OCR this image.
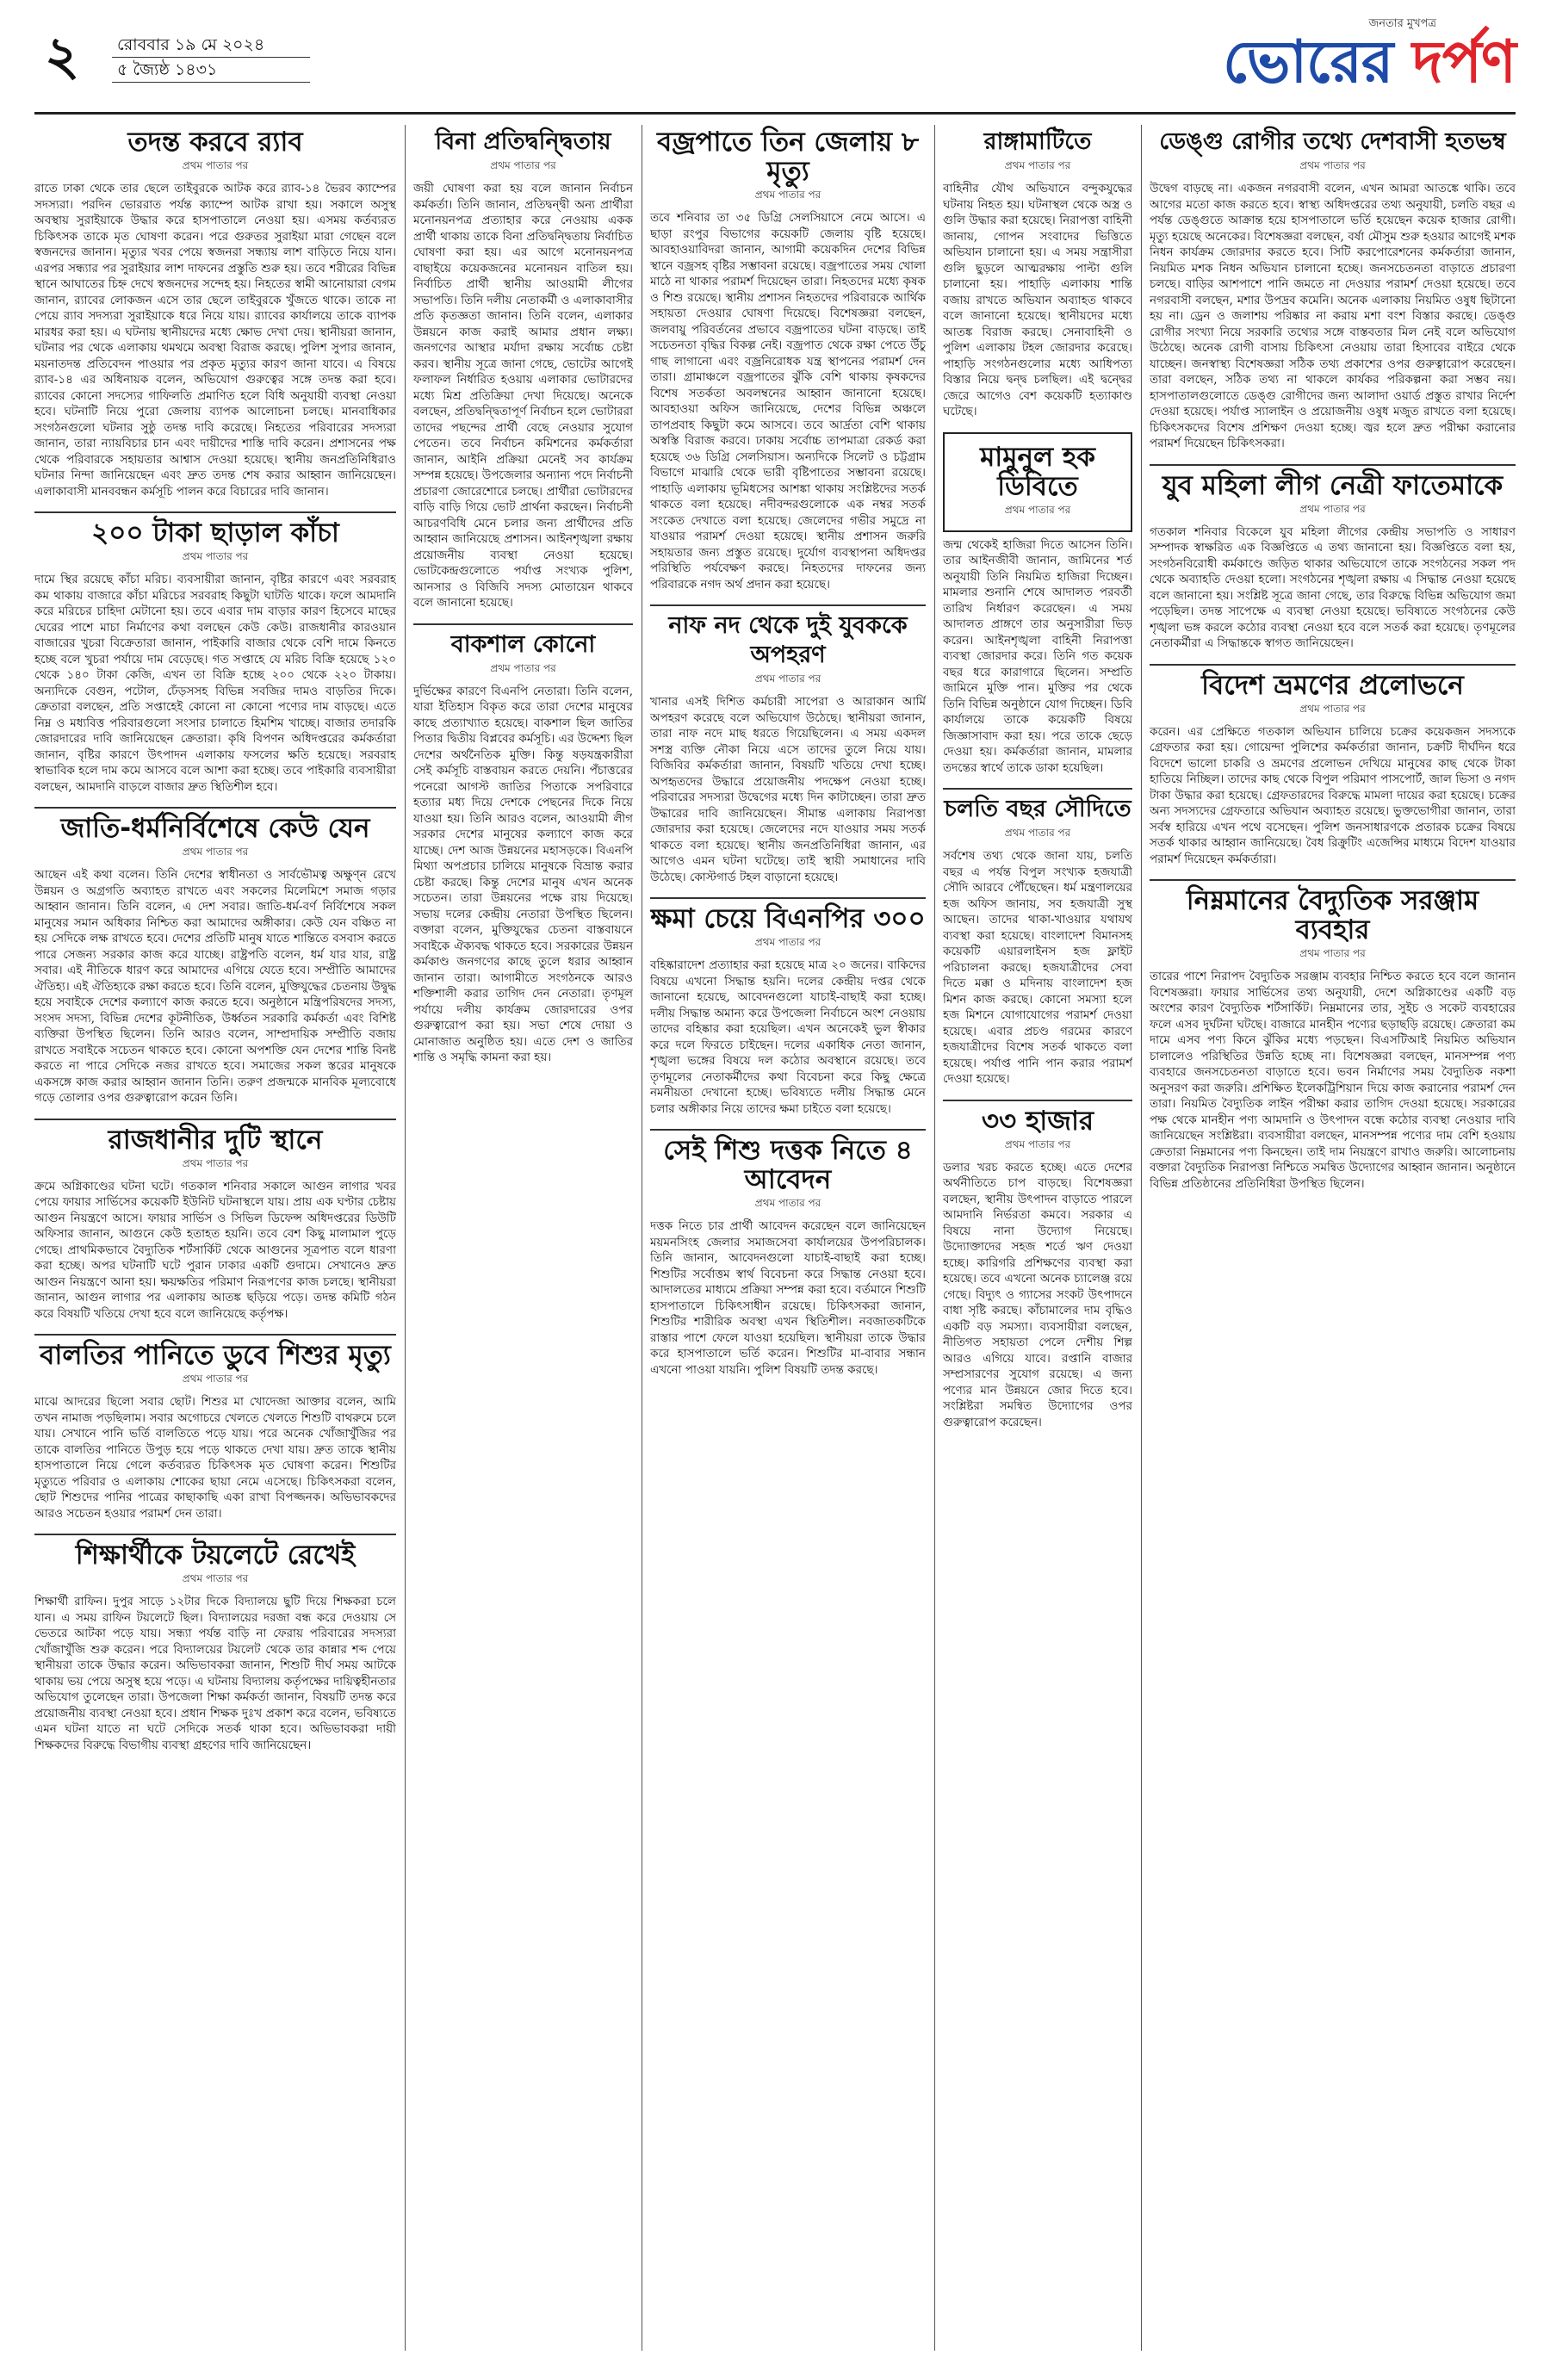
২	রোববার ১৯ মে ২০২৪
৫ জ্যৈষ্ঠ ১৪৩১
জনতার মুখপত্র
ভোরের দর্পণ
তদন্ত করবে র‍্যাব
প্রথম পাতার পর
রাতে ঢাকা থেকে তার ছেলে তাইবুরকে আটক করে র‍্যাব-১৪ ভৈরব ক্যাম্পের সদস্যরা। পরদিন ভোররাত পর্যন্ত ক্যাম্পে আটক রাখা হয়। সকালে অসুস্থ অবস্থায় সুরাইয়াকে উদ্ধার করে হাসপাতালে নেওয়া হয়। এসময় কর্তব্যরত চিকিৎসক তাকে মৃত ঘোষণা করেন। পরে গুরুতর সুরাইয়া মারা গেছেন বলে স্বজনদের জানান। মৃত্যুর খবর পেয়ে স্বজনরা সন্ধ্যায় লাশ বাড়িতে নিয়ে যান। এরপর সন্ধ্যার পর সুরাইয়ার লাশ দাফনের প্রস্তুতি শুরু হয়। তবে শরীরের বিভিন্ন স্থানে আঘাতের চিহ্ন দেখে স্বজনদের সন্দেহ হয়। নিহতের স্বামী আনোয়ারা বেগম জানান, র‍্যাবের লোকজন এসে তার ছেলে তাইবুরকে খুঁজতে থাকে। তাকে না পেয়ে র‍্যাব সদস্যরা সুরাইয়াকে ধরে নিয়ে যায়। র‍্যাবের কার্যালয়ে তাকে ব্যাপক মারধর করা হয়। এ ঘটনায় স্থানীয়দের মধ্যে ক্ষোভ দেখা দেয়। স্থানীয়রা জানান, ঘটনার পর থেকে এলাকায় থমথমে অবস্থা বিরাজ করছে। পুলিশ সুপার জানান, ময়নাতদন্ত প্রতিবেদন পাওয়ার পর প্রকৃত মৃত্যুর কারণ জানা যাবে। এ বিষয়ে র‍্যাব-১৪ এর অধিনায়ক বলেন, অভিযোগ গুরুত্বের সঙ্গে তদন্ত করা হবে। র‍্যাবের কোনো সদস্যের গাফিলতি প্রমাণিত হলে বিধি অনুযায়ী ব্যবস্থা নেওয়া হবে। ঘটনাটি নিয়ে পুরো জেলায় ব্যাপক আলোচনা চলছে। মানবাধিকার সংগঠনগুলো ঘটনার সুষ্ঠু তদন্ত দাবি করেছে। নিহতের পরিবারের সদস্যরা জানান, তারা ন্যায়বিচার চান এবং দায়ীদের শাস্তি দাবি করেন। প্রশাসনের পক্ষ থেকে পরিবারকে সহায়তার আশ্বাস দেওয়া হয়েছে। স্থানীয় জনপ্রতিনিধিরাও ঘটনার নিন্দা জানিয়েছেন এবং দ্রুত তদন্ত শেষ করার আহ্বান জানিয়েছেন। এলাকাবাসী মানববন্ধন কর্মসূচি পালন করে বিচারের দাবি জানান।
২০০ টাকা ছাড়াল কাঁচা
প্রথম পাতার পর
দামে স্থির রয়েছে কাঁচা মরিচ। ব্যবসায়ীরা জানান, বৃষ্টির কারণে এবং সরবরাহ কম থাকায় বাজারে কাঁচা মরিচের সরবরাহ কিছুটা ঘাটতি থাকে। ফলে আমদানি করে মরিচের চাহিদা মেটানো হয়। তবে এবার দাম বাড়ার কারণ হিসেবে মাছের ঘেরের পাশে মাচা নির্মাণের কথা বলছেন কেউ কেউ। রাজধানীর কারওয়ান বাজারের খুচরা বিক্রেতারা জানান, পাইকারি বাজার থেকে বেশি দামে কিনতে হচ্ছে বলে খুচরা পর্যায়ে দাম বেড়েছে। গত সপ্তাহে যে মরিচ বিক্রি হয়েছে ১২০ থেকে ১৪০ টাকা কেজি, এখন তা বিক্রি হচ্ছে ২০০ থেকে ২২০ টাকায়। অন্যদিকে বেগুন, পটোল, ঢেঁড়সসহ বিভিন্ন সবজির দামও বাড়তির দিকে। ক্রেতারা বলছেন, প্রতি সপ্তাহেই কোনো না কোনো পণ্যের দাম বাড়ছে। এতে নিম্ন ও মধ্যবিত্ত পরিবারগুলো সংসার চালাতে হিমশিম খাচ্ছে। বাজার তদারকি জোরদারের দাবি জানিয়েছেন ক্রেতারা। কৃষি বিপণন অধিদপ্তরের কর্মকর্তারা জানান, বৃষ্টির কারণে উৎপাদন এলাকায় ফসলের ক্ষতি হয়েছে। সরবরাহ স্বাভাবিক হলে দাম কমে আসবে বলে আশা করা হচ্ছে। তবে পাইকারি ব্যবসায়ীরা বলছেন, আমদানি বাড়লে বাজার দ্রুত স্থিতিশীল হবে।
জাতি-ধর্মনির্বিশেষে কেউ যেন
প্রথম পাতার পর
আছেন এই কথা বলেন। তিনি দেশের স্বাধীনতা ও সার্বভৌমত্ব অক্ষুণ্ন রেখে উন্নয়ন ও অগ্রগতি অব্যাহত রাখতে এবং সকলের মিলেমিশে সমাজ গড়ার আহ্বান জানান। তিনি বলেন, এ দেশ সবার। জাতি-ধর্ম-বর্ণ নির্বিশেষে সকল মানুষের সমান অধিকার নিশ্চিত করা আমাদের অঙ্গীকার। কেউ যেন বঞ্চিত না হয় সেদিকে লক্ষ রাখতে হবে। দেশের প্রতিটি মানুষ যাতে শান্তিতে বসবাস করতে পারে সেজন্য সরকার কাজ করে যাচ্ছে। রাষ্ট্রপতি বলেন, ধর্ম যার যার, রাষ্ট্র সবার। এই নীতিকে ধারণ করে আমাদের এগিয়ে যেতে হবে। সম্প্রীতি আমাদের ঐতিহ্য। এই ঐতিহ্যকে রক্ষা করতে হবে। তিনি বলেন, মুক্তিযুদ্ধের চেতনায় উদ্বুদ্ধ হয়ে সবাইকে দেশের কল্যাণে কাজ করতে হবে। অনুষ্ঠানে মন্ত্রিপরিষদের সদস্য, সংসদ সদস্য, বিভিন্ন দেশের কূটনীতিক, উর্ধ্বতন সরকারি কর্মকর্তা এবং বিশিষ্ট ব্যক্তিরা উপস্থিত ছিলেন। তিনি আরও বলেন, সাম্প্রদায়িক সম্প্রীতি বজায় রাখতে সবাইকে সচেতন থাকতে হবে। কোনো অপশক্তি যেন দেশের শান্তি বিনষ্ট করতে না পারে সেদিকে নজর রাখতে হবে। সমাজের সকল স্তরের মানুষকে একসঙ্গে কাজ করার আহ্বান জানান তিনি। তরুণ প্রজন্মকে মানবিক মূল্যবোধে গড়ে তোলার ওপর গুরুত্বারোপ করেন তিনি।
রাজধানীর দুটি স্থানে
প্রথম পাতার পর
ক্রমে অগ্নিকাণ্ডের ঘটনা ঘটে। গতকাল শনিবার সকালে আগুন লাগার খবর পেয়ে ফায়ার সার্ভিসের কয়েকটি ইউনিট ঘটনাস্থলে যায়। প্রায় এক ঘণ্টার চেষ্টায় আগুন নিয়ন্ত্রণে আসে। ফায়ার সার্ভিস ও সিভিল ডিফেন্স অধিদপ্তরের ডিউটি অফিসার জানান, আগুনে কেউ হতাহত হয়নি। তবে বেশ কিছু মালামাল পুড়ে গেছে। প্রাথমিকভাবে বৈদ্যুতিক শর্টসার্কিট থেকে আগুনের সূত্রপাত বলে ধারণা করা হচ্ছে। অপর ঘটনাটি ঘটে পুরান ঢাকার একটি গুদামে। সেখানেও দ্রুত আগুন নিয়ন্ত্রণে আনা হয়। ক্ষয়ক্ষতির পরিমাণ নিরূপণের কাজ চলছে। স্থানীয়রা জানান, আগুন লাগার পর এলাকায় আতঙ্ক ছড়িয়ে পড়ে। তদন্ত কমিটি গঠন করে বিষয়টি খতিয়ে দেখা হবে বলে জানিয়েছে কর্তৃপক্ষ।
বালতির পানিতে ডুবে শিশুর মৃত্যু
প্রথম পাতার পর
মাঝে আদরের ছিলো সবার ছোট। শিশুর মা খোদেজা আক্তার বলেন, আমি তখন নামাজ পড়ছিলাম। সবার অগোচরে খেলতে খেলতে শিশুটি বাথরুমে চলে যায়। সেখানে পানি ভর্তি বালতিতে পড়ে যায়। পরে অনেক খোঁজাখুঁজির পর তাকে বালতির পানিতে উপুড় হয়ে পড়ে থাকতে দেখা যায়। দ্রুত তাকে স্থানীয় হাসপাতালে নিয়ে গেলে কর্তব্যরত চিকিৎসক মৃত ঘোষণা করেন। শিশুটির মৃত্যুতে পরিবার ও এলাকায় শোকের ছায়া নেমে এসেছে। চিকিৎসকরা বলেন, ছোট শিশুদের পানির পাত্রের কাছাকাছি একা রাখা বিপজ্জনক। অভিভাবকদের আরও সচেতন হওয়ার পরামর্শ দেন তারা।
শিক্ষার্থীকে টয়লেটে রেখেই
প্রথম পাতার পর
শিক্ষার্থী রাফিন। দুপুর সাড়ে ১২টার দিকে বিদ্যালয়ে ছুটি দিয়ে শিক্ষকরা চলে যান। এ সময় রাফিন টয়লেটে ছিল। বিদ্যালয়ের দরজা বন্ধ করে দেওয়ায় সে ভেতরে আটকা পড়ে যায়। সন্ধ্যা পর্যন্ত বাড়ি না ফেরায় পরিবারের সদস্যরা খোঁজাখুঁজি শুরু করেন। পরে বিদ্যালয়ের টয়লেট থেকে তার কান্নার শব্দ পেয়ে স্থানীয়রা তাকে উদ্ধার করেন। অভিভাবকরা জানান, শিশুটি দীর্ঘ সময় আটকে থাকায় ভয় পেয়ে অসুস্থ হয়ে পড়ে। এ ঘটনায় বিদ্যালয় কর্তৃপক্ষের দায়িত্বহীনতার অভিযোগ তুলেছেন তারা। উপজেলা শিক্ষা কর্মকর্তা জানান, বিষয়টি তদন্ত করে প্রয়োজনীয় ব্যবস্থা নেওয়া হবে। প্রধান শিক্ষক দুঃখ প্রকাশ করে বলেন, ভবিষ্যতে এমন ঘটনা যাতে না ঘটে সেদিকে সতর্ক থাকা হবে। অভিভাবকরা দায়ী শিক্ষকদের বিরুদ্ধে বিভাগীয় ব্যবস্থা গ্রহণের দাবি জানিয়েছেন।
বিনা প্রতিদ্বন্দ্বিতায়
প্রথম পাতার পর
জয়ী ঘোষণা করা হয় বলে জানান নির্বাচন কর্মকর্তা। তিনি জানান, প্রতিদ্বন্দ্বী অন্য প্রার্থীরা মনোনয়নপত্র প্রত্যাহার করে নেওয়ায় একক প্রার্থী থাকায় তাকে বিনা প্রতিদ্বন্দ্বিতায় নির্বাচিত ঘোষণা করা হয়। এর আগে মনোনয়নপত্র বাছাইয়ে কয়েকজনের মনোনয়ন বাতিল হয়। নির্বাচিত প্রার্থী স্থানীয় আওয়ামী লীগের সভাপতি। তিনি দলীয় নেতাকর্মী ও এলাকাবাসীর প্রতি কৃতজ্ঞতা জানান। তিনি বলেন, এলাকার উন্নয়নে কাজ করাই আমার প্রধান লক্ষ্য। জনগণের আস্থার মর্যাদা রক্ষায় সর্বোচ্চ চেষ্টা করব। স্থানীয় সূত্রে জানা গেছে, ভোটের আগেই ফলাফল নির্ধারিত হওয়ায় এলাকার ভোটারদের মধ্যে মিশ্র প্রতিক্রিয়া দেখা দিয়েছে। অনেকে বলছেন, প্রতিদ্বন্দ্বিতাপূর্ণ নির্বাচন হলে ভোটাররা তাদের পছন্দের প্রার্থী বেছে নেওয়ার সুযোগ পেতেন। তবে নির্বাচন কমিশনের কর্মকর্তারা জানান, আইনি প্রক্রিয়া মেনেই সব কার্যক্রম সম্পন্ন হয়েছে। উপজেলার অন্যান্য পদে নির্বাচনী প্রচারণা জোরেশোরে চলছে। প্রার্থীরা ভোটারদের বাড়ি বাড়ি গিয়ে ভোট প্রার্থনা করছেন। নির্বাচনী আচরণবিধি মেনে চলার জন্য প্রার্থীদের প্রতি আহ্বান জানিয়েছে প্রশাসন। আইনশৃঙ্খলা রক্ষায় প্রয়োজনীয় ব্যবস্থা নেওয়া হয়েছে। ভোটকেন্দ্রগুলোতে পর্যাপ্ত সংখ্যক পুলিশ, আনসার ও বিজিবি সদস্য মোতায়েন থাকবে বলে জানানো হয়েছে।
বাকশাল কোনো
প্রথম পাতার পর
দুর্ভিক্ষের কারণে বিএনপি নেতারা। তিনি বলেন, যারা ইতিহাস বিকৃত করে তারা দেশের মানুষের কাছে প্রত্যাখ্যাত হয়েছে। বাকশাল ছিল জাতির পিতার দ্বিতীয় বিপ্লবের কর্মসূচি। এর উদ্দেশ্য ছিল দেশের অর্থনৈতিক মুক্তি। কিন্তু ষড়যন্ত্রকারীরা সেই কর্মসূচি বাস্তবায়ন করতে দেয়নি। পঁচাত্তরের পনেরো আগস্ট জাতির পিতাকে সপরিবারে হত্যার মধ্য দিয়ে দেশকে পেছনের দিকে নিয়ে যাওয়া হয়। তিনি আরও বলেন, আওয়ামী লীগ সরকার দেশের মানুষের কল্যাণে কাজ করে যাচ্ছে। দেশ আজ উন্নয়নের মহাসড়কে। বিএনপি মিথ্যা অপপ্রচার চালিয়ে মানুষকে বিভ্রান্ত করার চেষ্টা করছে। কিন্তু দেশের মানুষ এখন অনেক সচেতন। তারা উন্নয়নের পক্ষে রায় দিয়েছে। সভায় দলের কেন্দ্রীয় নেতারা উপস্থিত ছিলেন। বক্তারা বলেন, মুক্তিযুদ্ধের চেতনা বাস্তবায়নে সবাইকে ঐক্যবদ্ধ থাকতে হবে। সরকারের উন্নয়ন কর্মকাণ্ড জনগণের কাছে তুলে ধরার আহ্বান জানান তারা। আগামীতে সংগঠনকে আরও শক্তিশালী করার তাগিদ দেন নেতারা। তৃণমূল পর্যায়ে দলীয় কার্যক্রম জোরদারের ওপর গুরুত্বারোপ করা হয়। সভা শেষে দোয়া ও মোনাজাত অনুষ্ঠিত হয়। এতে দেশ ও জাতির শান্তি ও সমৃদ্ধি কামনা করা হয়।
বজ্রপাতে তিন জেলায় ৮ মৃত্যু
প্রথম পাতার পর
তবে শনিবার তা ৩৫ ডিগ্রি সেলসিয়াসে নেমে আসে। এ ছাড়া রংপুর বিভাগের কয়েকটি জেলায় বৃষ্টি হয়েছে। আবহাওয়াবিদরা জানান, আগামী কয়েকদিন দেশের বিভিন্ন স্থানে বজ্রসহ বৃষ্টির সম্ভাবনা রয়েছে। বজ্রপাতের সময় খোলা মাঠে না থাকার পরামর্শ দিয়েছেন তারা। নিহতদের মধ্যে কৃষক ও শিশু রয়েছে। স্থানীয় প্রশাসন নিহতদের পরিবারকে আর্থিক সহায়তা দেওয়ার ঘোষণা দিয়েছে। বিশেষজ্ঞরা বলছেন, জলবায়ু পরিবর্তনের প্রভাবে বজ্রপাতের ঘটনা বাড়ছে। তাই সচেতনতা বৃদ্ধির বিকল্প নেই। বজ্রপাত থেকে রক্ষা পেতে উঁচু গাছ লাগানো এবং বজ্রনিরোধক যন্ত্র স্থাপনের পরামর্শ দেন তারা। গ্রামাঞ্চলে বজ্রপাতের ঝুঁকি বেশি থাকায় কৃষকদের বিশেষ সতর্কতা অবলম্বনের আহ্বান জানানো হয়েছে। আবহাওয়া অফিস জানিয়েছে, দেশের বিভিন্ন অঞ্চলে তাপপ্রবাহ কিছুটা কমে আসবে। তবে আর্দ্রতা বেশি থাকায় অস্বস্তি বিরাজ করবে। ঢাকায় সর্বোচ্চ তাপমাত্রা রেকর্ড করা হয়েছে ৩৬ ডিগ্রি সেলসিয়াস। অন্যদিকে সিলেট ও চট্টগ্রাম বিভাগে মাঝারি থেকে ভারী বৃষ্টিপাতের সম্ভাবনা রয়েছে। পাহাড়ি এলাকায় ভূমিধসের আশঙ্কা থাকায় সংশ্লিষ্টদের সতর্ক থাকতে বলা হয়েছে। নদীবন্দরগুলোকে এক নম্বর সতর্ক সংকেত দেখাতে বলা হয়েছে। জেলেদের গভীর সমুদ্রে না যাওয়ার পরামর্শ দেওয়া হয়েছে। স্থানীয় প্রশাসন জরুরি সহায়তার জন্য প্রস্তুত রয়েছে। দুর্যোগ ব্যবস্থাপনা অধিদপ্তর পরিস্থিতি পর্যবেক্ষণ করছে। নিহতদের দাফনের জন্য পরিবারকে নগদ অর্থ প্রদান করা হয়েছে।
নাফ নদ থেকে দুই যুবককে অপহরণ
প্রথম পাতার পর
খানার এসই দিশিত কর্মচারী সাপেরা ও আরাকান আর্মি অপহরণ করেছে বলে অভিযোগ উঠেছে। স্থানীয়রা জানান, তারা নাফ নদে মাছ ধরতে গিয়েছিলেন। এ সময় একদল সশস্ত্র ব্যক্তি নৌকা নিয়ে এসে তাদের তুলে নিয়ে যায়। বিজিবির কর্মকর্তারা জানান, বিষয়টি খতিয়ে দেখা হচ্ছে। অপহৃতদের উদ্ধারে প্রয়োজনীয় পদক্ষেপ নেওয়া হচ্ছে। পরিবারের সদস্যরা উদ্বেগের মধ্যে দিন কাটাচ্ছেন। তারা দ্রুত উদ্ধারের দাবি জানিয়েছেন। সীমান্ত এলাকায় নিরাপত্তা জোরদার করা হয়েছে। জেলেদের নদে যাওয়ার সময় সতর্ক থাকতে বলা হয়েছে। স্থানীয় জনপ্রতিনিধিরা জানান, এর আগেও এমন ঘটনা ঘটেছে। তাই স্থায়ী সমাধানের দাবি উঠেছে। কোস্টগার্ড টহল বাড়ানো হয়েছে।
ক্ষমা চেয়ে বিএনপির ৩০০
প্রথম পাতার পর
বহিষ্কারাদেশ প্রত্যাহার করা হয়েছে মাত্র ২০ জনের। বাকিদের বিষয়ে এখনো সিদ্ধান্ত হয়নি। দলের কেন্দ্রীয় দপ্তর থেকে জানানো হয়েছে, আবেদনগুলো যাচাই-বাছাই করা হচ্ছে। দলীয় সিদ্ধান্ত অমান্য করে উপজেলা নির্বাচনে অংশ নেওয়ায় তাদের বহিষ্কার করা হয়েছিল। এখন অনেকেই ভুল স্বীকার করে দলে ফিরতে চাইছেন। দলের একাধিক নেতা জানান, শৃঙ্খলা ভঙ্গের বিষয়ে দল কঠোর অবস্থানে রয়েছে। তবে তৃণমূলের নেতাকর্মীদের কথা বিবেচনা করে কিছু ক্ষেত্রে নমনীয়তা দেখানো হচ্ছে। ভবিষ্যতে দলীয় সিদ্ধান্ত মেনে চলার অঙ্গীকার নিয়ে তাদের ক্ষমা চাইতে বলা হয়েছে।
সেই শিশু দত্তক নিতে ৪ আবেদন
প্রথম পাতার পর
দত্তক নিতে চার প্রার্থী আবেদন করেছেন বলে জানিয়েছেন ময়মনসিংহ জেলার সমাজসেবা কার্যালয়ের উপপরিচালক। তিনি জানান, আবেদনগুলো যাচাই-বাছাই করা হচ্ছে। শিশুটির সর্বোত্তম স্বার্থ বিবেচনা করে সিদ্ধান্ত নেওয়া হবে। আদালতের মাধ্যমে প্রক্রিয়া সম্পন্ন করা হবে। বর্তমানে শিশুটি হাসপাতালে চিকিৎসাধীন রয়েছে। চিকিৎসকরা জানান, শিশুটির শারীরিক অবস্থা এখন স্থিতিশীল। নবজাতকটিকে রাস্তার পাশে ফেলে যাওয়া হয়েছিল। স্থানীয়রা তাকে উদ্ধার করে হাসপাতালে ভর্তি করেন। শিশুটির মা-বাবার সন্ধান এখনো পাওয়া যায়নি। পুলিশ বিষয়টি তদন্ত করছে।
রাঙ্গামাটিতে
প্রথম পাতার পর
বাহিনীর যৌথ অভিযানে বন্দুকযুদ্ধের ঘটনায় নিহত হয়। ঘটনাস্থল থেকে অস্ত্র ও গুলি উদ্ধার করা হয়েছে। নিরাপত্তা বাহিনী জানায়, গোপন সংবাদের ভিত্তিতে অভিযান চালানো হয়। এ সময় সন্ত্রাসীরা গুলি ছুড়লে আত্মরক্ষায় পাল্টা গুলি চালানো হয়। পাহাড়ি এলাকায় শান্তি বজায় রাখতে অভিযান অব্যাহত থাকবে বলে জানানো হয়েছে। স্থানীয়দের মধ্যে আতঙ্ক বিরাজ করছে। সেনাবাহিনী ও পুলিশ এলাকায় টহল জোরদার করেছে। পাহাড়ি সংগঠনগুলোর মধ্যে আধিপত্য বিস্তার নিয়ে দ্বন্দ্ব চলছিল। এই দ্বন্দ্বের জেরে আগেও বেশ কয়েকটি হত্যাকাণ্ড ঘটেছে।
মামুনুল হক ডিবিতে
প্রথম পাতার পর
জন্ম থেকেই হাজিরা দিতে আসেন তিনি। তার আইনজীবী জানান, জামিনের শর্ত অনুযায়ী তিনি নিয়মিত হাজিরা দিচ্ছেন। মামলার শুনানি শেষে আদালত পরবর্তী তারিখ নির্ধারণ করেছেন। এ সময় আদালত প্রাঙ্গণে তার অনুসারীরা ভিড় করেন। আইনশৃঙ্খলা বাহিনী নিরাপত্তা ব্যবস্থা জোরদার করে। তিনি গত কয়েক বছর ধরে কারাগারে ছিলেন। সম্প্রতি জামিনে মুক্তি পান। মুক্তির পর থেকে তিনি বিভিন্ন অনুষ্ঠানে যোগ দিচ্ছেন। ডিবি কার্যালয়ে তাকে কয়েকটি বিষয়ে জিজ্ঞাসাবাদ করা হয়। পরে তাকে ছেড়ে দেওয়া হয়। কর্মকর্তারা জানান, মামলার তদন্তের স্বার্থে তাকে ডাকা হয়েছিল।
চলতি বছর সৌদিতে
প্রথম পাতার পর
সর্বশেষ তথ্য থেকে জানা যায়, চলতি বছর এ পর্যন্ত বিপুল সংখ্যক হজযাত্রী সৌদি আরবে পৌঁছেছেন। ধর্ম মন্ত্রণালয়ের হজ অফিস জানায়, সব হজযাত্রী সুস্থ আছেন। তাদের থাকা-খাওয়ার যথাযথ ব্যবস্থা করা হয়েছে। বাংলাদেশ বিমানসহ কয়েকটি এয়ারলাইনস হজ ফ্লাইট পরিচালনা করছে। হজযাত্রীদের সেবা দিতে মক্কা ও মদিনায় বাংলাদেশ হজ মিশন কাজ করছে। কোনো সমস্যা হলে হজ মিশনে যোগাযোগের পরামর্শ দেওয়া হয়েছে। এবার প্রচণ্ড গরমের কারণে হজযাত্রীদের বিশেষ সতর্ক থাকতে বলা হয়েছে। পর্যাপ্ত পানি পান করার পরামর্শ দেওয়া হয়েছে।
৩৩ হাজার
প্রথম পাতার পর
ডলার খরচ করতে হচ্ছে। এতে দেশের অর্থনীতিতে চাপ বাড়ছে। বিশেষজ্ঞরা বলছেন, স্থানীয় উৎপাদন বাড়াতে পারলে আমদানি নির্ভরতা কমবে। সরকার এ বিষয়ে নানা উদ্যোগ নিয়েছে। উদ্যোক্তাদের সহজ শর্তে ঋণ দেওয়া হচ্ছে। কারিগরি প্রশিক্ষণের ব্যবস্থা করা হয়েছে। তবে এখনো অনেক চ্যালেঞ্জ রয়ে গেছে। বিদ্যুৎ ও গ্যাসের সংকট উৎপাদনে বাধা সৃষ্টি করছে। কাঁচামালের দাম বৃদ্ধিও একটি বড় সমস্যা। ব্যবসায়ীরা বলছেন, নীতিগত সহায়তা পেলে দেশীয় শিল্প আরও এগিয়ে যাবে। রপ্তানি বাজার সম্প্রসারণের সুযোগ রয়েছে। এ জন্য পণ্যের মান উন্নয়নে জোর দিতে হবে। সংশ্লিষ্টরা সমন্বিত উদ্যোগের ওপর গুরুত্বারোপ করেছেন।
ডেঙ্গু রোগীর তথ্যে দেশবাসী হতভম্ব
প্রথম পাতার পর
উদ্বেগ বাড়ছে না। একজন নগরবাসী বলেন, এখন আমরা আতঙ্কে থাকি। তবে আগের মতো কাজ করতে হবে। স্বাস্থ্য অধিদপ্তরের তথ্য অনুযায়ী, চলতি বছর এ পর্যন্ত ডেঙ্গুতে আক্রান্ত হয়ে হাসপাতালে ভর্তি হয়েছেন কয়েক হাজার রোগী। মৃত্যু হয়েছে অনেকের। বিশেষজ্ঞরা বলছেন, বর্ষা মৌসুম শুরু হওয়ার আগেই মশক নিধন কার্যক্রম জোরদার করতে হবে। সিটি করপোরেশনের কর্মকর্তারা জানান, নিয়মিত মশক নিধন অভিযান চালানো হচ্ছে। জনসচেতনতা বাড়াতে প্রচারণা চলছে। বাড়ির আশপাশে পানি জমতে না দেওয়ার পরামর্শ দেওয়া হয়েছে। তবে নগরবাসী বলছেন, মশার উপদ্রব কমেনি। অনেক এলাকায় নিয়মিত ওষুধ ছিটানো হয় না। ড্রেন ও জলাশয় পরিষ্কার না করায় মশা বংশ বিস্তার করছে। ডেঙ্গু রোগীর সংখ্যা নিয়ে সরকারি তথ্যের সঙ্গে বাস্তবতার মিল নেই বলে অভিযোগ উঠেছে। অনেক রোগী বাসায় চিকিৎসা নেওয়ায় তারা হিসাবের বাইরে থেকে যাচ্ছেন। জনস্বাস্থ্য বিশেষজ্ঞরা সঠিক তথ্য প্রকাশের ওপর গুরুত্বারোপ করেছেন। তারা বলছেন, সঠিক তথ্য না থাকলে কার্যকর পরিকল্পনা করা সম্ভব নয়। হাসপাতালগুলোতে ডেঙ্গু রোগীদের জন্য আলাদা ওয়ার্ড প্রস্তুত রাখার নির্দেশ দেওয়া হয়েছে। পর্যাপ্ত স্যালাইন ও প্রয়োজনীয় ওষুধ মজুত রাখতে বলা হয়েছে। চিকিৎসকদের বিশেষ প্রশিক্ষণ দেওয়া হচ্ছে। জ্বর হলে দ্রুত পরীক্ষা করানোর পরামর্শ দিয়েছেন চিকিৎসকরা।
যুব মহিলা লীগ নেত্রী ফাতেমাকে
প্রথম পাতার পর
গতকাল শনিবার বিকেলে যুব মহিলা লীগের কেন্দ্রীয় সভাপতি ও সাধারণ সম্পাদক স্বাক্ষরিত এক বিজ্ঞপ্তিতে এ তথ্য জানানো হয়। বিজ্ঞপ্তিতে বলা হয়, সংগঠনবিরোধী কর্মকাণ্ডে জড়িত থাকার অভিযোগে তাকে সংগঠনের সকল পদ থেকে অব্যাহতি দেওয়া হলো। সংগঠনের শৃঙ্খলা রক্ষায় এ সিদ্ধান্ত নেওয়া হয়েছে বলে জানানো হয়। সংশ্লিষ্ট সূত্রে জানা গেছে, তার বিরুদ্ধে বিভিন্ন অভিযোগ জমা পড়েছিল। তদন্ত সাপেক্ষে এ ব্যবস্থা নেওয়া হয়েছে। ভবিষ্যতে সংগঠনের কেউ শৃঙ্খলা ভঙ্গ করলে কঠোর ব্যবস্থা নেওয়া হবে বলে সতর্ক করা হয়েছে। তৃণমূলের নেতাকর্মীরা এ সিদ্ধান্তকে স্বাগত জানিয়েছেন।
বিদেশ ভ্রমণের প্রলোভনে
প্রথম পাতার পর
করেন। এর প্রেক্ষিতে গতকাল অভিযান চালিয়ে চক্রের কয়েকজন সদস্যকে গ্রেফতার করা হয়। গোয়েন্দা পুলিশের কর্মকর্তারা জানান, চক্রটি দীর্ঘদিন ধরে বিদেশে ভালো চাকরি ও ভ্রমণের প্রলোভন দেখিয়ে মানুষের কাছ থেকে টাকা হাতিয়ে নিচ্ছিল। তাদের কাছ থেকে বিপুল পরিমাণ পাসপোর্ট, জাল ভিসা ও নগদ টাকা উদ্ধার করা হয়েছে। গ্রেফতারদের বিরুদ্ধে মামলা দায়ের করা হয়েছে। চক্রের অন্য সদস্যদের গ্রেফতারে অভিযান অব্যাহত রয়েছে। ভুক্তভোগীরা জানান, তারা সর্বস্ব হারিয়ে এখন পথে বসেছেন। পুলিশ জনসাধারণকে প্রতারক চক্রের বিষয়ে সতর্ক থাকার আহ্বান জানিয়েছে। বৈধ রিক্রুটিং এজেন্সির মাধ্যমে বিদেশ যাওয়ার পরামর্শ দিয়েছেন কর্মকর্তারা।
নিম্নমানের বৈদ্যুতিক সরঞ্জাম ব্যবহার
প্রথম পাতার পর
তারের পাশে নিরাপদ বৈদ্যুতিক সরঞ্জাম ব্যবহার নিশ্চিত করতে হবে বলে জানান বিশেষজ্ঞরা। ফায়ার সার্ভিসের তথ্য অনুযায়ী, দেশে অগ্নিকাণ্ডের একটি বড় অংশের কারণ বৈদ্যুতিক শর্টসার্কিট। নিম্নমানের তার, সুইচ ও সকেট ব্যবহারের ফলে এসব দুর্ঘটনা ঘটছে। বাজারে মানহীন পণ্যের ছড়াছড়ি রয়েছে। ক্রেতারা কম দামে এসব পণ্য কিনে ঝুঁকির মধ্যে পড়ছেন। বিএসটিআই নিয়মিত অভিযান চালালেও পরিস্থিতির উন্নতি হচ্ছে না। বিশেষজ্ঞরা বলছেন, মানসম্পন্ন পণ্য ব্যবহারে জনসচেতনতা বাড়াতে হবে। ভবন নির্মাণের সময় বৈদ্যুতিক নকশা অনুসরণ করা জরুরি। প্রশিক্ষিত ইলেকট্রিশিয়ান দিয়ে কাজ করানোর পরামর্শ দেন তারা। নিয়মিত বৈদ্যুতিক লাইন পরীক্ষা করার তাগিদ দেওয়া হয়েছে। সরকারের পক্ষ থেকে মানহীন পণ্য আমদানি ও উৎপাদন বন্ধে কঠোর ব্যবস্থা নেওয়ার দাবি জানিয়েছেন সংশ্লিষ্টরা। ব্যবসায়ীরা বলছেন, মানসম্পন্ন পণ্যের দাম বেশি হওয়ায় ক্রেতারা নিম্নমানের পণ্য কিনছেন। তাই দাম নিয়ন্ত্রণে রাখাও জরুরি। আলোচনায় বক্তারা বৈদ্যুতিক নিরাপত্তা নিশ্চিতে সমন্বিত উদ্যোগের আহ্বান জানান। অনুষ্ঠানে বিভিন্ন প্রতিষ্ঠানের প্রতিনিধিরা উপস্থিত ছিলেন।
